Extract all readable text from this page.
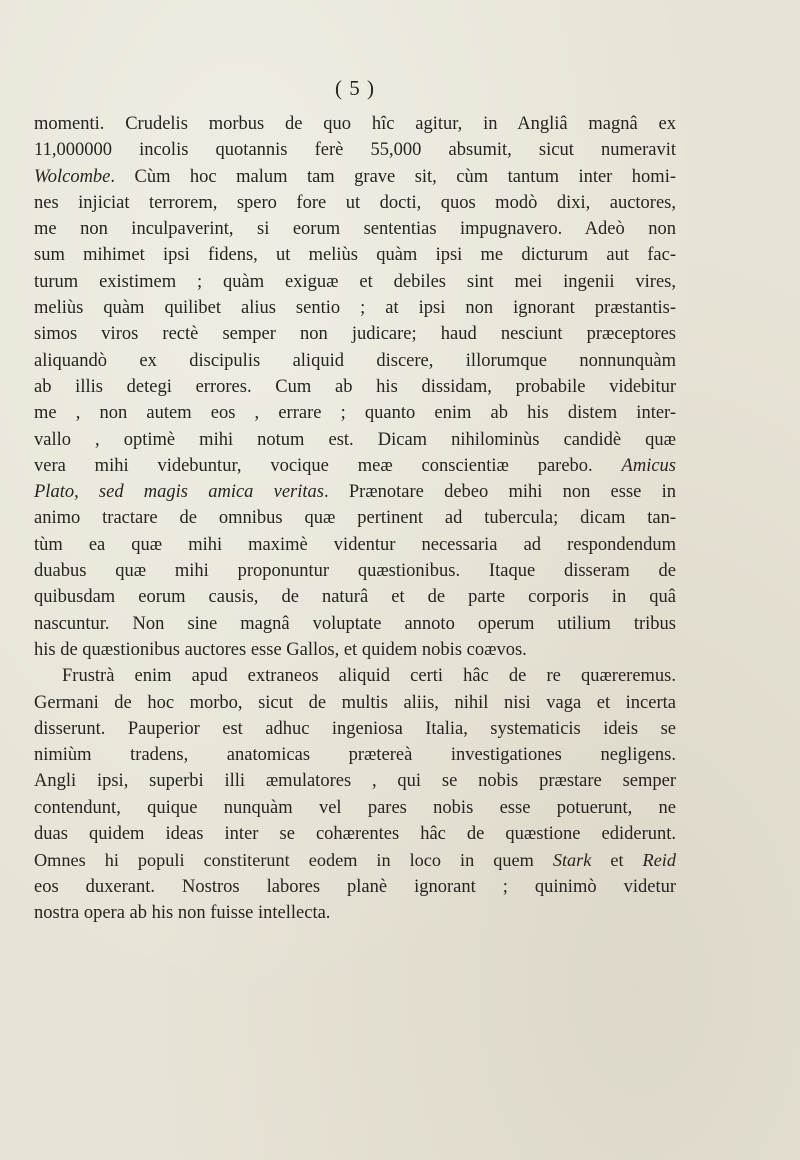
( 5 )
momenti. Crudelis morbus de quo hîc agitur, in Angliâ magnâ ex
11,000000 incolis quotannis ferè 55,000 absumit, sicut numeravit
Wolcombe. Cùm hoc malum tam grave sit, cùm tantum inter homi-
nes injiciat terrorem, spero fore ut docti, quos modò dixi, auctores,
me non inculpaverint, si eorum sententias impugnavero. Adeò non
sum mihimet ipsi fidens, ut meliùs quàm ipsi me dicturum aut fac-
turum existimem ; quàm exiguæ et debiles sint mei ingenii vires,
meliùs quàm quilibet alius sentio ; at ipsi non ignorant præstantis-
simos viros rectè semper non judicare; haud nesciunt præceptores
aliquandò ex discipulis aliquid discere, illorumque nonnunquàm
ab illis detegi errores. Cum ab his dissidam, probabile videbitur
me , non autem eos , errare ; quanto enim ab his distem inter-
vallo , optimè mihi notum est. Dicam nihilominùs candidè quæ
vera mihi videbuntur, vocique meæ conscientiæ parebo. Amicus
Plato, sed magis amica veritas. Prænotare debeo mihi non esse in
animo tractare de omnibus quæ pertinent ad tubercula; dicam tan-
tùm ea quæ mihi maximè videntur necessaria ad respondendum
duabus quæ mihi proponuntur quæstionibus. Itaque disseram de
quibusdam eorum causis, de naturâ et de parte corporis in quâ
nascuntur. Non sine magnâ voluptate annoto operum utilium tribus
his de quæstionibus auctores esse Gallos, et quidem nobis coævos.
Frustrà enim apud extraneos aliquid certi hâc de re quæreremus.
Germani de hoc morbo, sicut de multis aliis, nihil nisi vaga et incerta
disserunt. Pauperior est adhuc ingeniosa Italia, systematicis ideis se
nimiùm tradens, anatomicas prætereà investigationes negligens.
Angli ipsi, superbi illi æmulatores , qui se nobis præstare semper
contendunt, quique nunquàm vel pares nobis esse potuerunt, ne
duas quidem ideas inter se cohærentes hâc de quæstione ediderunt.
Omnes hi populi constiterunt eodem in loco in quem Stark et Reid
eos duxerant. Nostros labores planè ignorant ; quinimò videtur
nostra opera ab his non fuisse intellecta.
